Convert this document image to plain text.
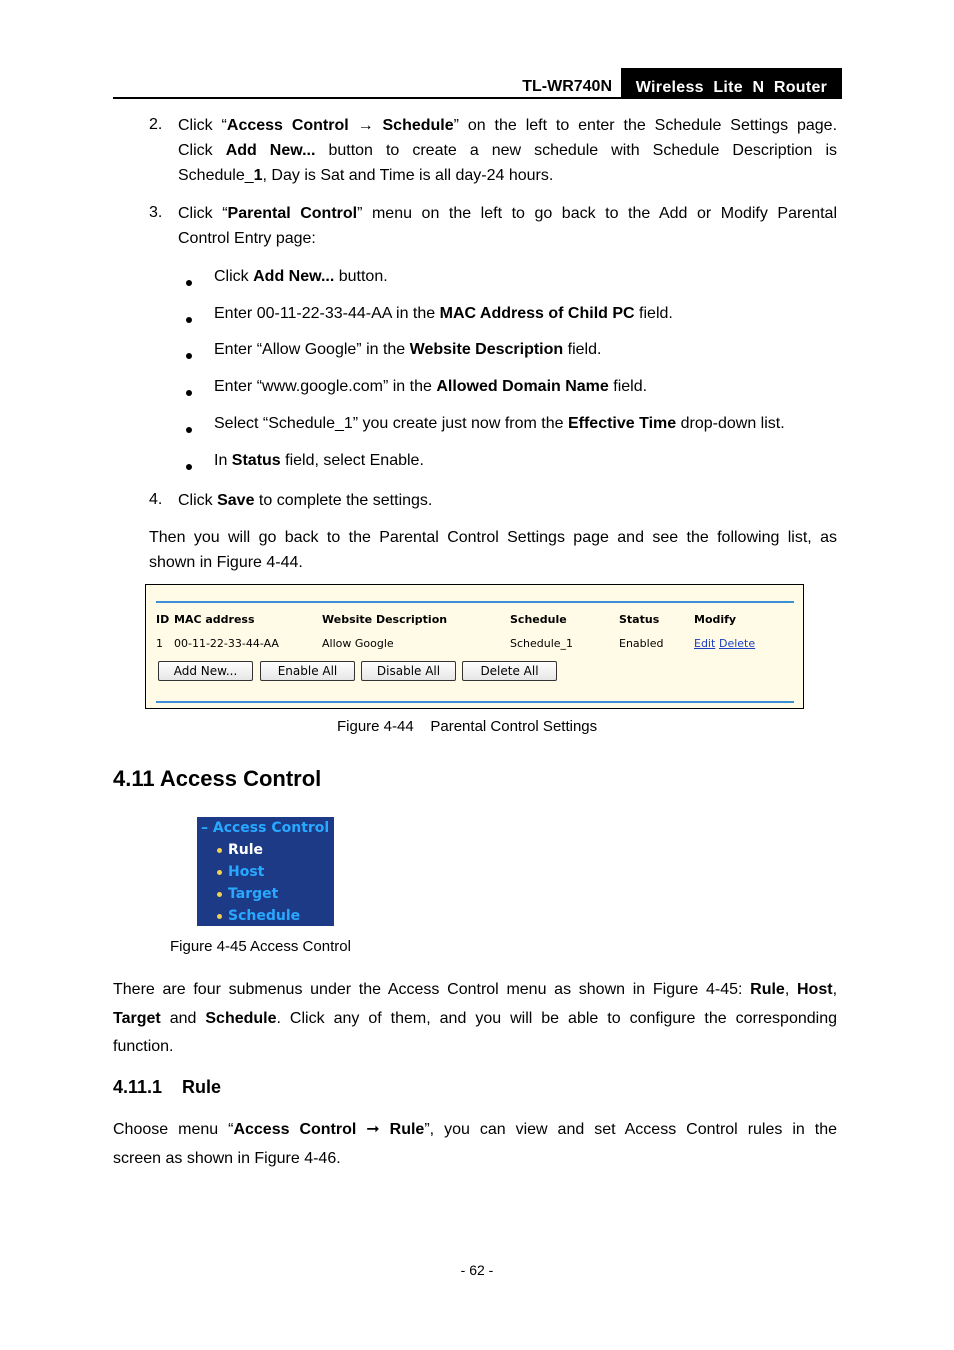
TL-WR740N	Wireless  Lite  N  Router
2. Click “Access Control → Schedule” on the left to enter the Schedule Settings page.
Click Add New... button to create a new schedule with Schedule Description is
Schedule_1, Day is Sat and Time is all day-24 hours.
3. Click “Parental Control” menu on the left to go back to the Add or Modify Parental
Control Entry page:
Click Add New... button.
Enter 00-11-22-33-44-AA in the MAC Address of Child PC field.
Enter “Allow Google” in the Website Description field.
Enter “www.google.com” in the Allowed Domain Name field.
Select “Schedule_1” you create just now from the Effective Time drop-down list.
In Status field, select Enable.
4. Click Save to complete the settings.
Then you will go back to the Parental Control Settings page and see the following list, as
shown in Figure 4-44.
ID MAC address	Website Description	Schedule	Status	Modify
1 00-11-22-33-44-AA	Allow Google	Schedule_1	Enabled	Edit Delete
Add New...	Enable All	Disable All	Delete All
Figure 4-44    Parental Control Settings
4.11 Access Control
– Access Control
Rule
Host
Target
Schedule
Figure 4-45 Access Control
There are four submenus under the Access Control menu as shown in Figure 4-45: Rule, Host,
Target and Schedule. Click any of them, and you will be able to configure the corresponding
function.
4.11.1    Rule
Choose menu “Access Control ➞ Rule”, you can view and set Access Control rules in the
screen as shown in Figure 4-46.
- 62 -
